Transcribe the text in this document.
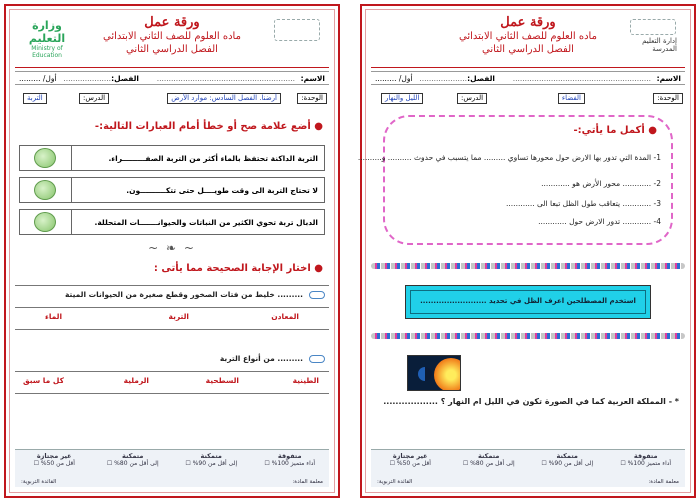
ورقة عمل
ماده العلوم للصف الثاني الابتدائي
الفصل الدراسي الثاني
وزارة التعليم
Ministry of Education
الاسم:
..........................................................
الفصل:
....................
أول/ .........
الوحدة:
أرضنا. الفصل السادس: موارد الأرض
الدرس:
التربة
● أضع علامة صح أو خطأ أمام العبارات التالية:-
التربة الداكنة تحتفظ بالماء أكثر من التربة الصفـــــــــراء.
لا تحتاج التربة الى وقت طويــــل حتى تتكــــــــــون.
الدبال تربة تحوي الكثير من النباتات والحيوانـــــــات المتحللة.
~ ❧ ~
● اختار الإجابة الصحيحة مما يأتى :
......... خليط من فتات الصخور وقطع صغيرة من الحيوانات الميتة
المعادن
التربة
الماء
......... من أنواع التربة
الطينية
السطحية
الرملية
كل ما سبق
متفوقة
أداء متميز 100% ☐
متمكنة
إلى أقل من 90% ☐
متمكنة
إلى أقل من 80% ☐
غير مجتازة
أقل من 50% ☐
معلمة المادة:
القائدة التربوية:
ورقة عمل
ماده العلوم للصف الثاني الابتدائي
الفصل الدراسي الثاني
إدارة التعليم
المدرسة
الاسم:
..........................................................
الفصل:
....................
أول/ .........
الوحدة:
الفضاء
الدرس:
الليل والنهار
● أكمل ما يأتي:-
1- المدة التي تدور بها الارض حول محورها تساوي ......... مما يتسبب في حدوث .......... و..........
2- ............ محور الأرض هو ............
3- ............ يتعاقب طول الظل تبعا الى ............
4- ............ تدور الارض حول ............
استخدم المصطلحين اعرف الظل في تحديد .........................
* - المملكة العربية كما في الصورة تكون في الليل ام النهار ؟ ..................
متفوقة
أداء متميز 100% ☐
متمكنة
إلى أقل من 90% ☐
متمكنة
إلى أقل من 80% ☐
غير مجتازة
أقل من 50% ☐
معلمة المادة:
القائدة التربوية:
